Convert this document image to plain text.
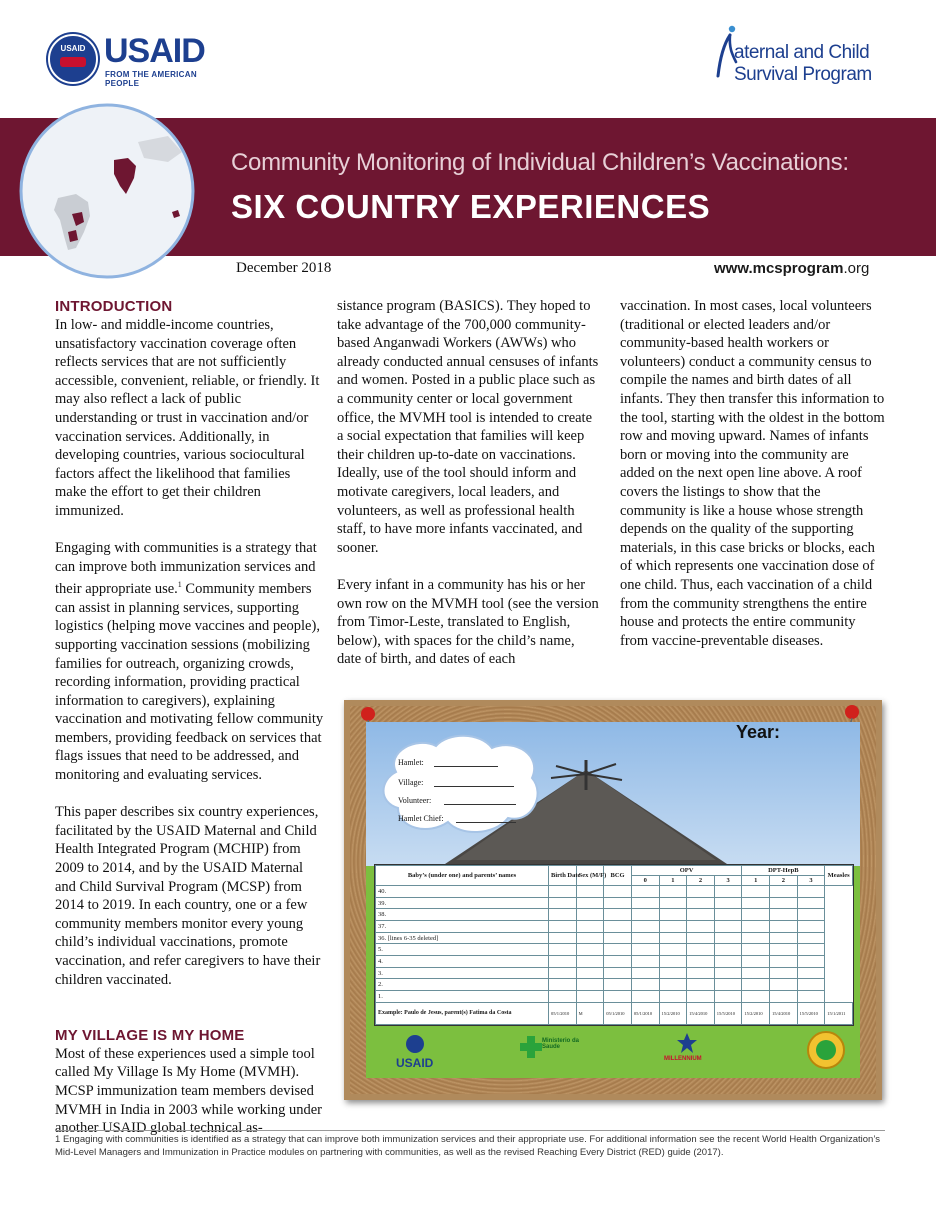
USAID USAID
FROM THE AMERICAN PEOPLE
aternal and Child
Survival Program
Community Monitoring of Individual Children’s Vaccinations:
SIX COUNTRY EXPERIENCES
December 2018	www.mcsprogram.org
INTRODUCTION

In low- and middle-income countries, unsatisfactory vaccination coverage often reflects services that are not sufficiently accessible, convenient, reliable, or friendly. It may also reflect a lack of public understanding or trust in vaccination and/or vaccination services. Additionally, in developing countries, various sociocultural factors affect the likelihood that families make the effort to get their children immunized.

Engaging with communities is a strategy that can improve both immunization services and their appropriate use.$^1$ Community members can assist in planning services, supporting logistics (helping move vaccines and people), supporting vaccination sessions (mobilizing families for outreach, organizing crowds, recording information, providing practical information to caregivers), explaining vaccination and motivating fellow community members, providing feedback on services that flags issues that need to be addressed, and monitoring and evaluating services.

This paper describes six country experiences, facilitated by the USAID Maternal and Child Health Integrated Program (MCHIP) from 2009 to 2014, and by the USAID Maternal and Child Survival Program (MCSP) from 2014 to 2019. In each country, one or a few community members monitor every young child’s individual vaccinations, promote vaccination, and refer caregivers to have their children vaccinated.

MY VILLAGE IS MY HOME

Most of these experiences used a simple tool called My Village Is My Home (MVMH). MCSP immunization team members devised MVMH in India in 2003 while working under another USAID global technical as-

sistance program (BASICS). They hoped to take advantage of the 700,000 community-based Anganwadi Workers (AWWs) who already conducted annual censuses of infants and women. Posted in a public place such as a community center or local government office, the MVMH tool is intended to create a social expectation that families will keep their children up-to-date on vaccinations. Ideally, use of the tool should inform and motivate caregivers, local leaders, and volunteers, as well as professional health staff, to have more infants vaccinated, and sooner.

Every infant in a community has his or her own row on the MVMH tool (see the version from Timor-Leste, translated to English, below), with spaces for the child’s name, date of birth, and dates of each

vaccination. In most cases, local volunteers (traditional or elected leaders and/or community-based health workers or volunteers) conduct a community census to compile the names and birth dates of all infants. They then transfer this information to the tool, starting with the oldest in the bottom row and moving upward. Names of infants born or moving into the community are added on the next open line above. A roof covers the listings to show that the community is like a house whose strength depends on the quality of the supporting materials, in this case bricks or blocks, each of which represents one vaccination dose of one child. Thus, each vaccination of a child from the community strengthens the entire house and protects the entire community from vaccine-preventable diseases.

Year:
Hamlet:
Village:
Volunteer:
Hamlet Chief:
Baby’s (under one) and parents’ names	Birth Date	Sex (M/F)	BCG	OPV				DPT-HepB			Measles
				0	1	2	3	1	2	3	
40.											
39.											
38.											
37.											
36. [lines 6-35 deleted]											
5.											
4.											
3.											
2.											
1.											
Example: Paulo de Jesus, parent(s) Fatima da Costa	05/1/2010	M	05/1/2010	05/1/2010	15/2/2010	15/4/2010	15/5/2010	15/2/2010	15/4/2010	15/5/2010	15/1/2011
USAID
Ministerio da Saude
MILLENNIUM
1 Engaging with communities is identified as a strategy that can improve both immunization services and their appropriate use. For additional information see the recent World Health Organization’s Mid-Level Managers and Immunization in Practice modules on partnering with communities, as well as the revised Reaching Every District (RED) guide (2017).
